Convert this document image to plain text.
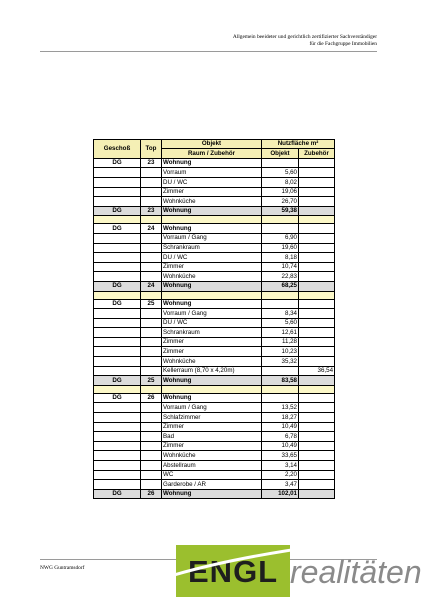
Allgemein beeideter und gerichtlich zertifizierter Sachverständiger
für die Fachgruppe Immobilien
Geschoß	Top	Objekt	Nutzfläche m²	
		Raum / Zubehör	Objekt	Zubehör
DG	23	Wohnung		
		Vorraum	5,60	
		DU / WC	8,02	
		Zimmer	19,06	
		Wohnküche	26,70	
DG	23	Wohnung	59,38	

DG	24	Wohnung		
		Vorraum / Gang	6,90	
		Schrankraum	19,60	
		DU / WC	8,18	
		Zimmer	10,74	
		Wohnküche	22,83	
DG	24	Wohnung	68,25	

DG	25	Wohnung		
		Vorraum / Gang	8,34	
		DU / WC	5,60	
		Schrankraum	12,61	
		Zimmer	11,28	
		Zimmer	10,23	
		Wohnküche	35,32	
		Kellerraum (8,70 x 4,20m)		36,54
DG	25	Wohnung	83,58	

DG	26	Wohnung		
		Vorraum / Gang	13,52	
		Schlafzimmer	18,27	
		Zimmer	10,49	
		Bad	6,78	
		Zimmer	10,49	
		Wohnküche	33,65	
		Abstellraum	3,14	
		WC	2,20	
		Garderobe / AR	3,47	
DG	26	Wohnung	102,01	
NWG Guntramsdorf	ENGL realitäten
